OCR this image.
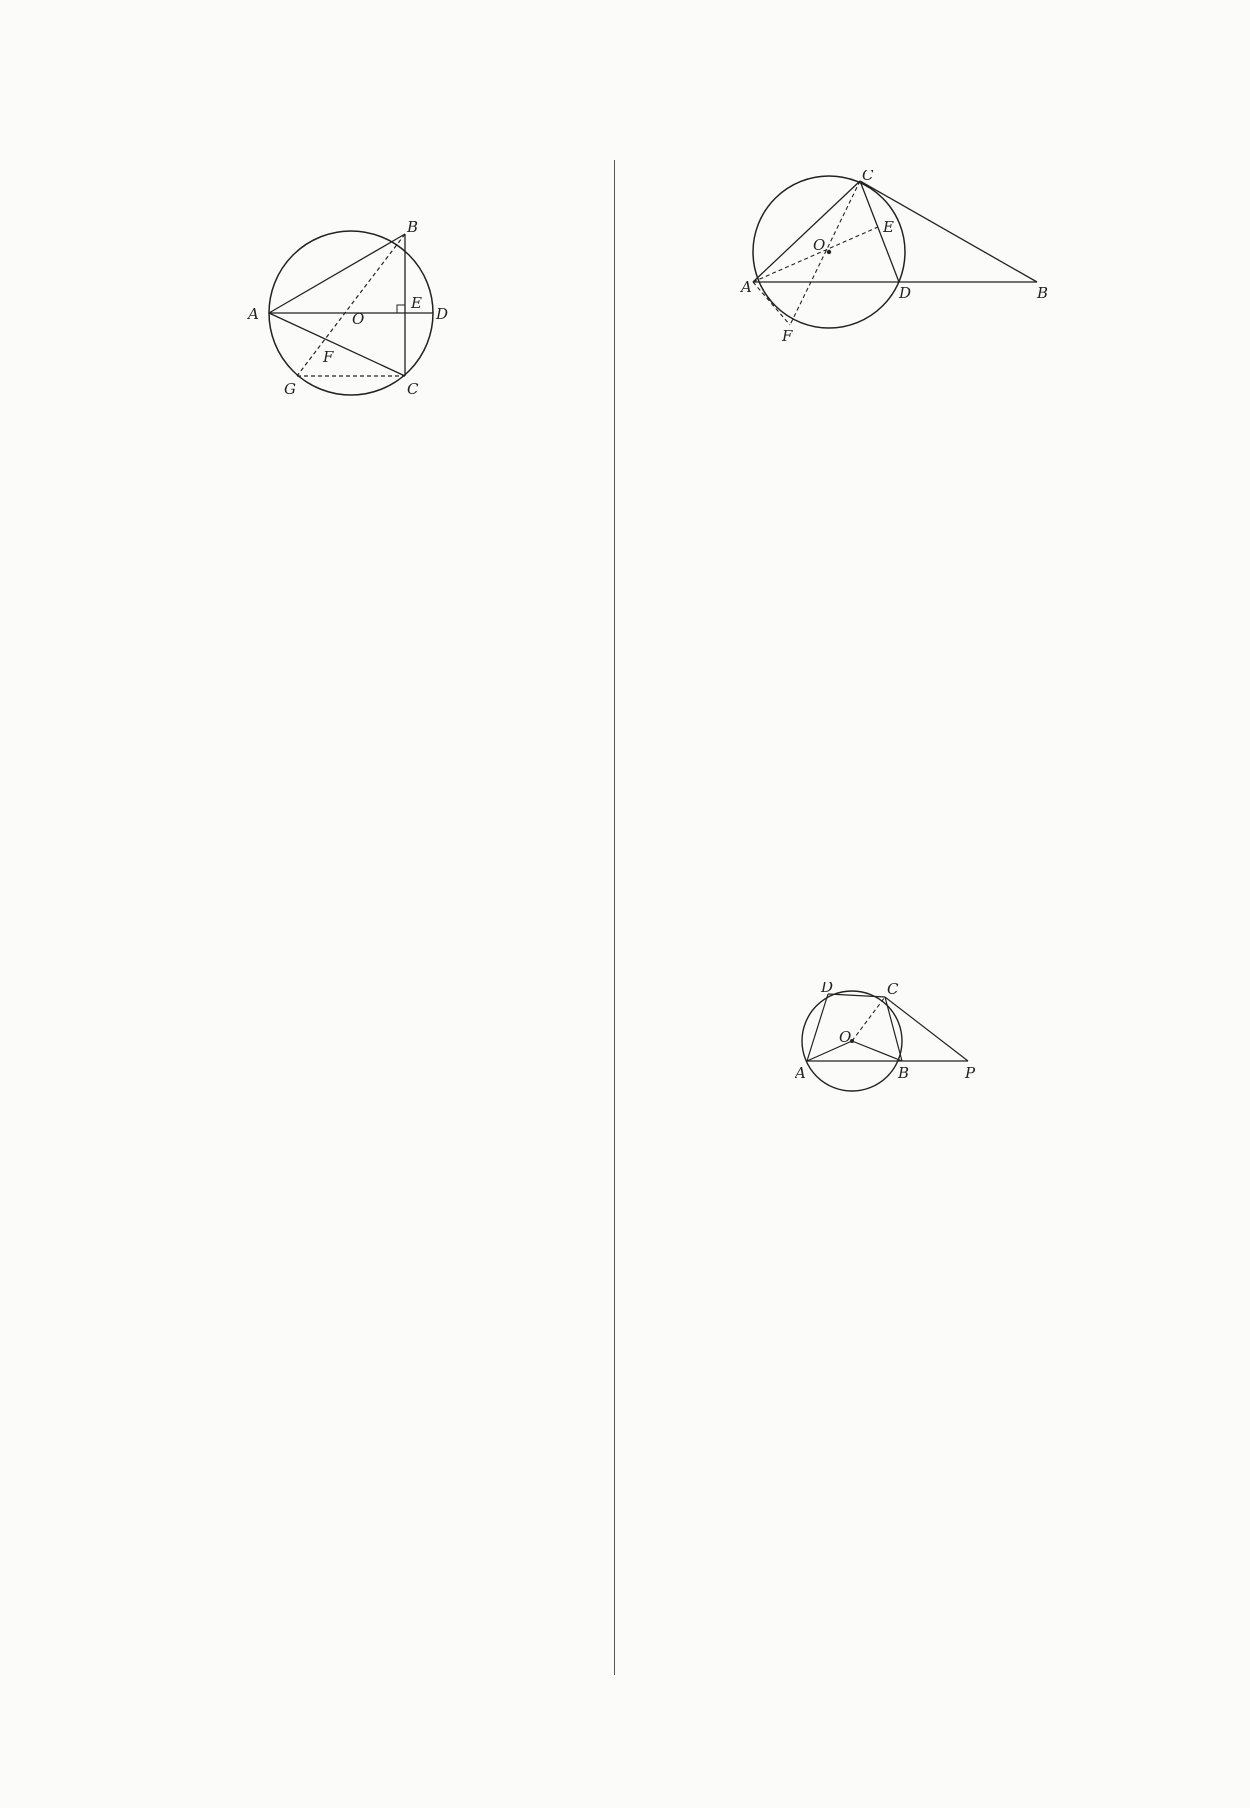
A
B
D
C
G
O
E
F
C
E
O
A	D	B
F
D	C
O
A	B	P
